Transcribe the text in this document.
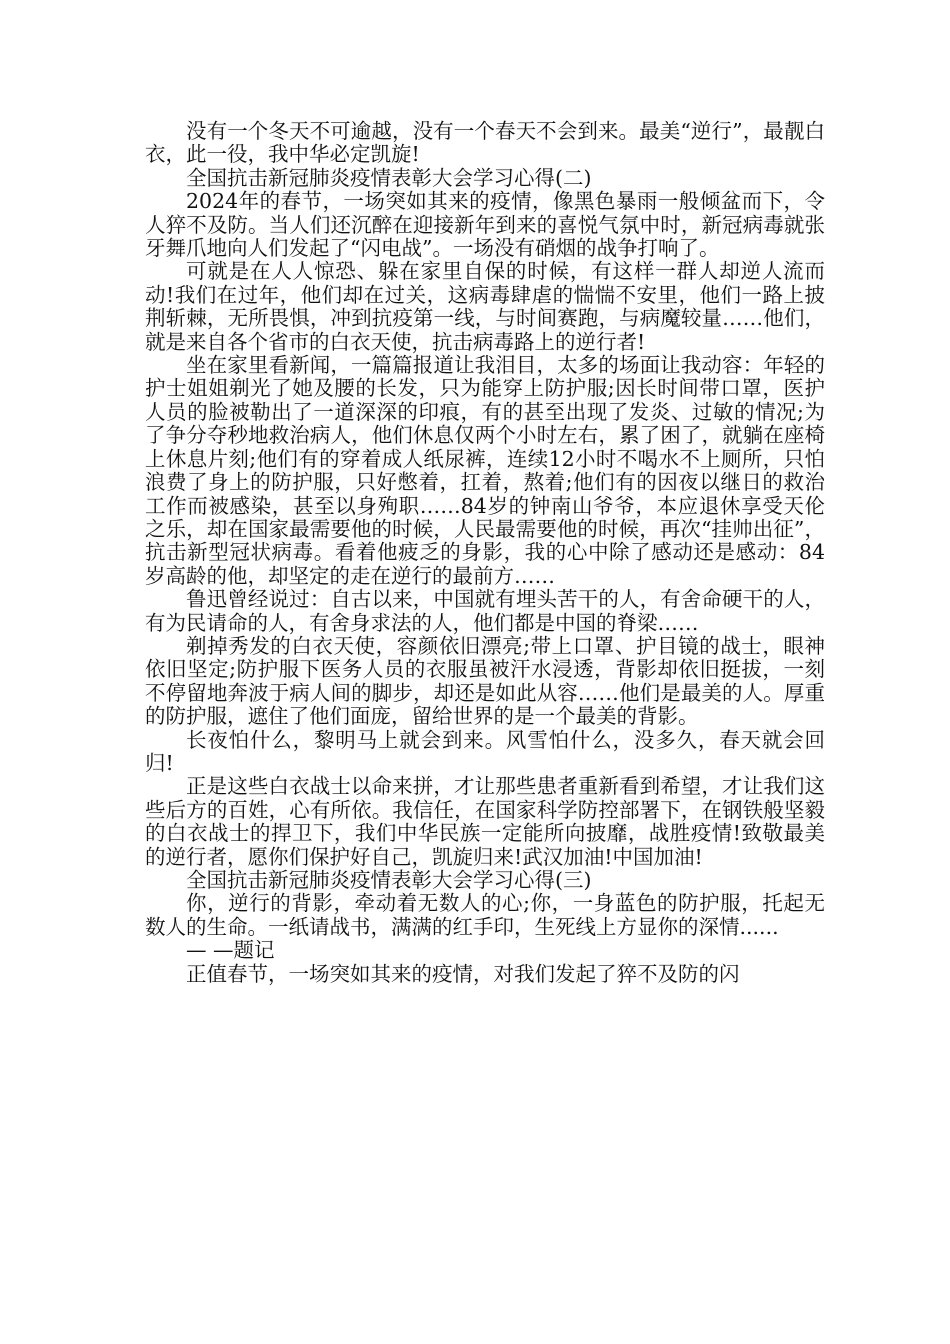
没有一个冬天不可逾越，没有一个春天不会到来。最美“逆行”，最靓白衣，此一役，我中华必定凯旋!

全国抗击新冠肺炎疫情表彰大会学习心得(二)

2024年的春节，一场突如其来的疫情，像黑色暴雨一般倾盆而下，令人猝不及防。当人们还沉醉在迎接新年到来的喜悦气氛中时，新冠病毒就张牙舞爪地向人们发起了“闪电战”。一场没有硝烟的战争打响了。

可就是在人人惊恐、躲在家里自保的时候，有这样一群人却逆人流而动!我们在过年，他们却在过关，这病毒肆虐的惴惴不安里，他们一路上披荆斩棘，无所畏惧，冲到抗疫第一线，与时间赛跑，与病魔较量……他们，就是来自各个省市的白衣天使，抗击病毒路上的逆行者!

坐在家里看新闻，一篇篇报道让我泪目，太多的场面让我动容：年轻的护士姐姐剃光了她及腰的长发，只为能穿上防护服;因长时间带口罩，医护人员的脸被勒出了一道深深的印痕，有的甚至出现了发炎、过敏的情况;为了争分夺秒地救治病人，他们休息仅两个小时左右，累了困了，就躺在座椅上休息片刻;他们有的穿着成人纸尿裤，连续12小时不喝水不上厕所，只怕浪费了身上的防护服，只好憋着，扛着，熬着;他们有的因夜以继日的救治工作而被感染，甚至以身殉职……84岁的钟南山爷爷，本应退休享受天伦之乐，却在国家最需要他的时候，人民最需要他的时候，再次“挂帅出征”，抗击新型冠状病毒。看着他疲乏的身影，我的心中除了感动还是感动：84岁高龄的他，却坚定的走在逆行的最前方……

鲁迅曾经说过：自古以来，中国就有埋头苦干的人，有舍命硬干的人，有为民请命的人，有舍身求法的人，他们都是中国的脊梁……

剃掉秀发的白衣天使，容颜依旧漂亮;带上口罩、护目镜的战士，眼神依旧坚定;防护服下医务人员的衣服虽被汗水浸透，背影却依旧挺拔，一刻不停留地奔波于病人间的脚步，却还是如此从容……他们是最美的人。厚重的防护服，遮住了他们面庞，留给世界的是一个最美的背影。

长夜怕什么，黎明马上就会到来。风雪怕什么，没多久，春天就会回归!

正是这些白衣战士以命来拼，才让那些患者重新看到希望，才让我们这些后方的百姓，心有所依。我信任，在国家科学防控部署下，在钢铁般坚毅的白衣战士的捍卫下，我们中华民族一定能所向披靡，战胜疫情!致敬最美的逆行者，愿你们保护好自己，凯旋归来!武汉加油!中国加油!

全国抗击新冠肺炎疫情表彰大会学习心得(三)

你，逆行的背影，牵动着无数人的心;你，一身蓝色的防护服，托起无数人的生命。一纸请战书，满满的红手印，生死线上方显你的深情......

— —题记

正值春节，一场突如其来的疫情，对我们发起了猝不及防的闪
